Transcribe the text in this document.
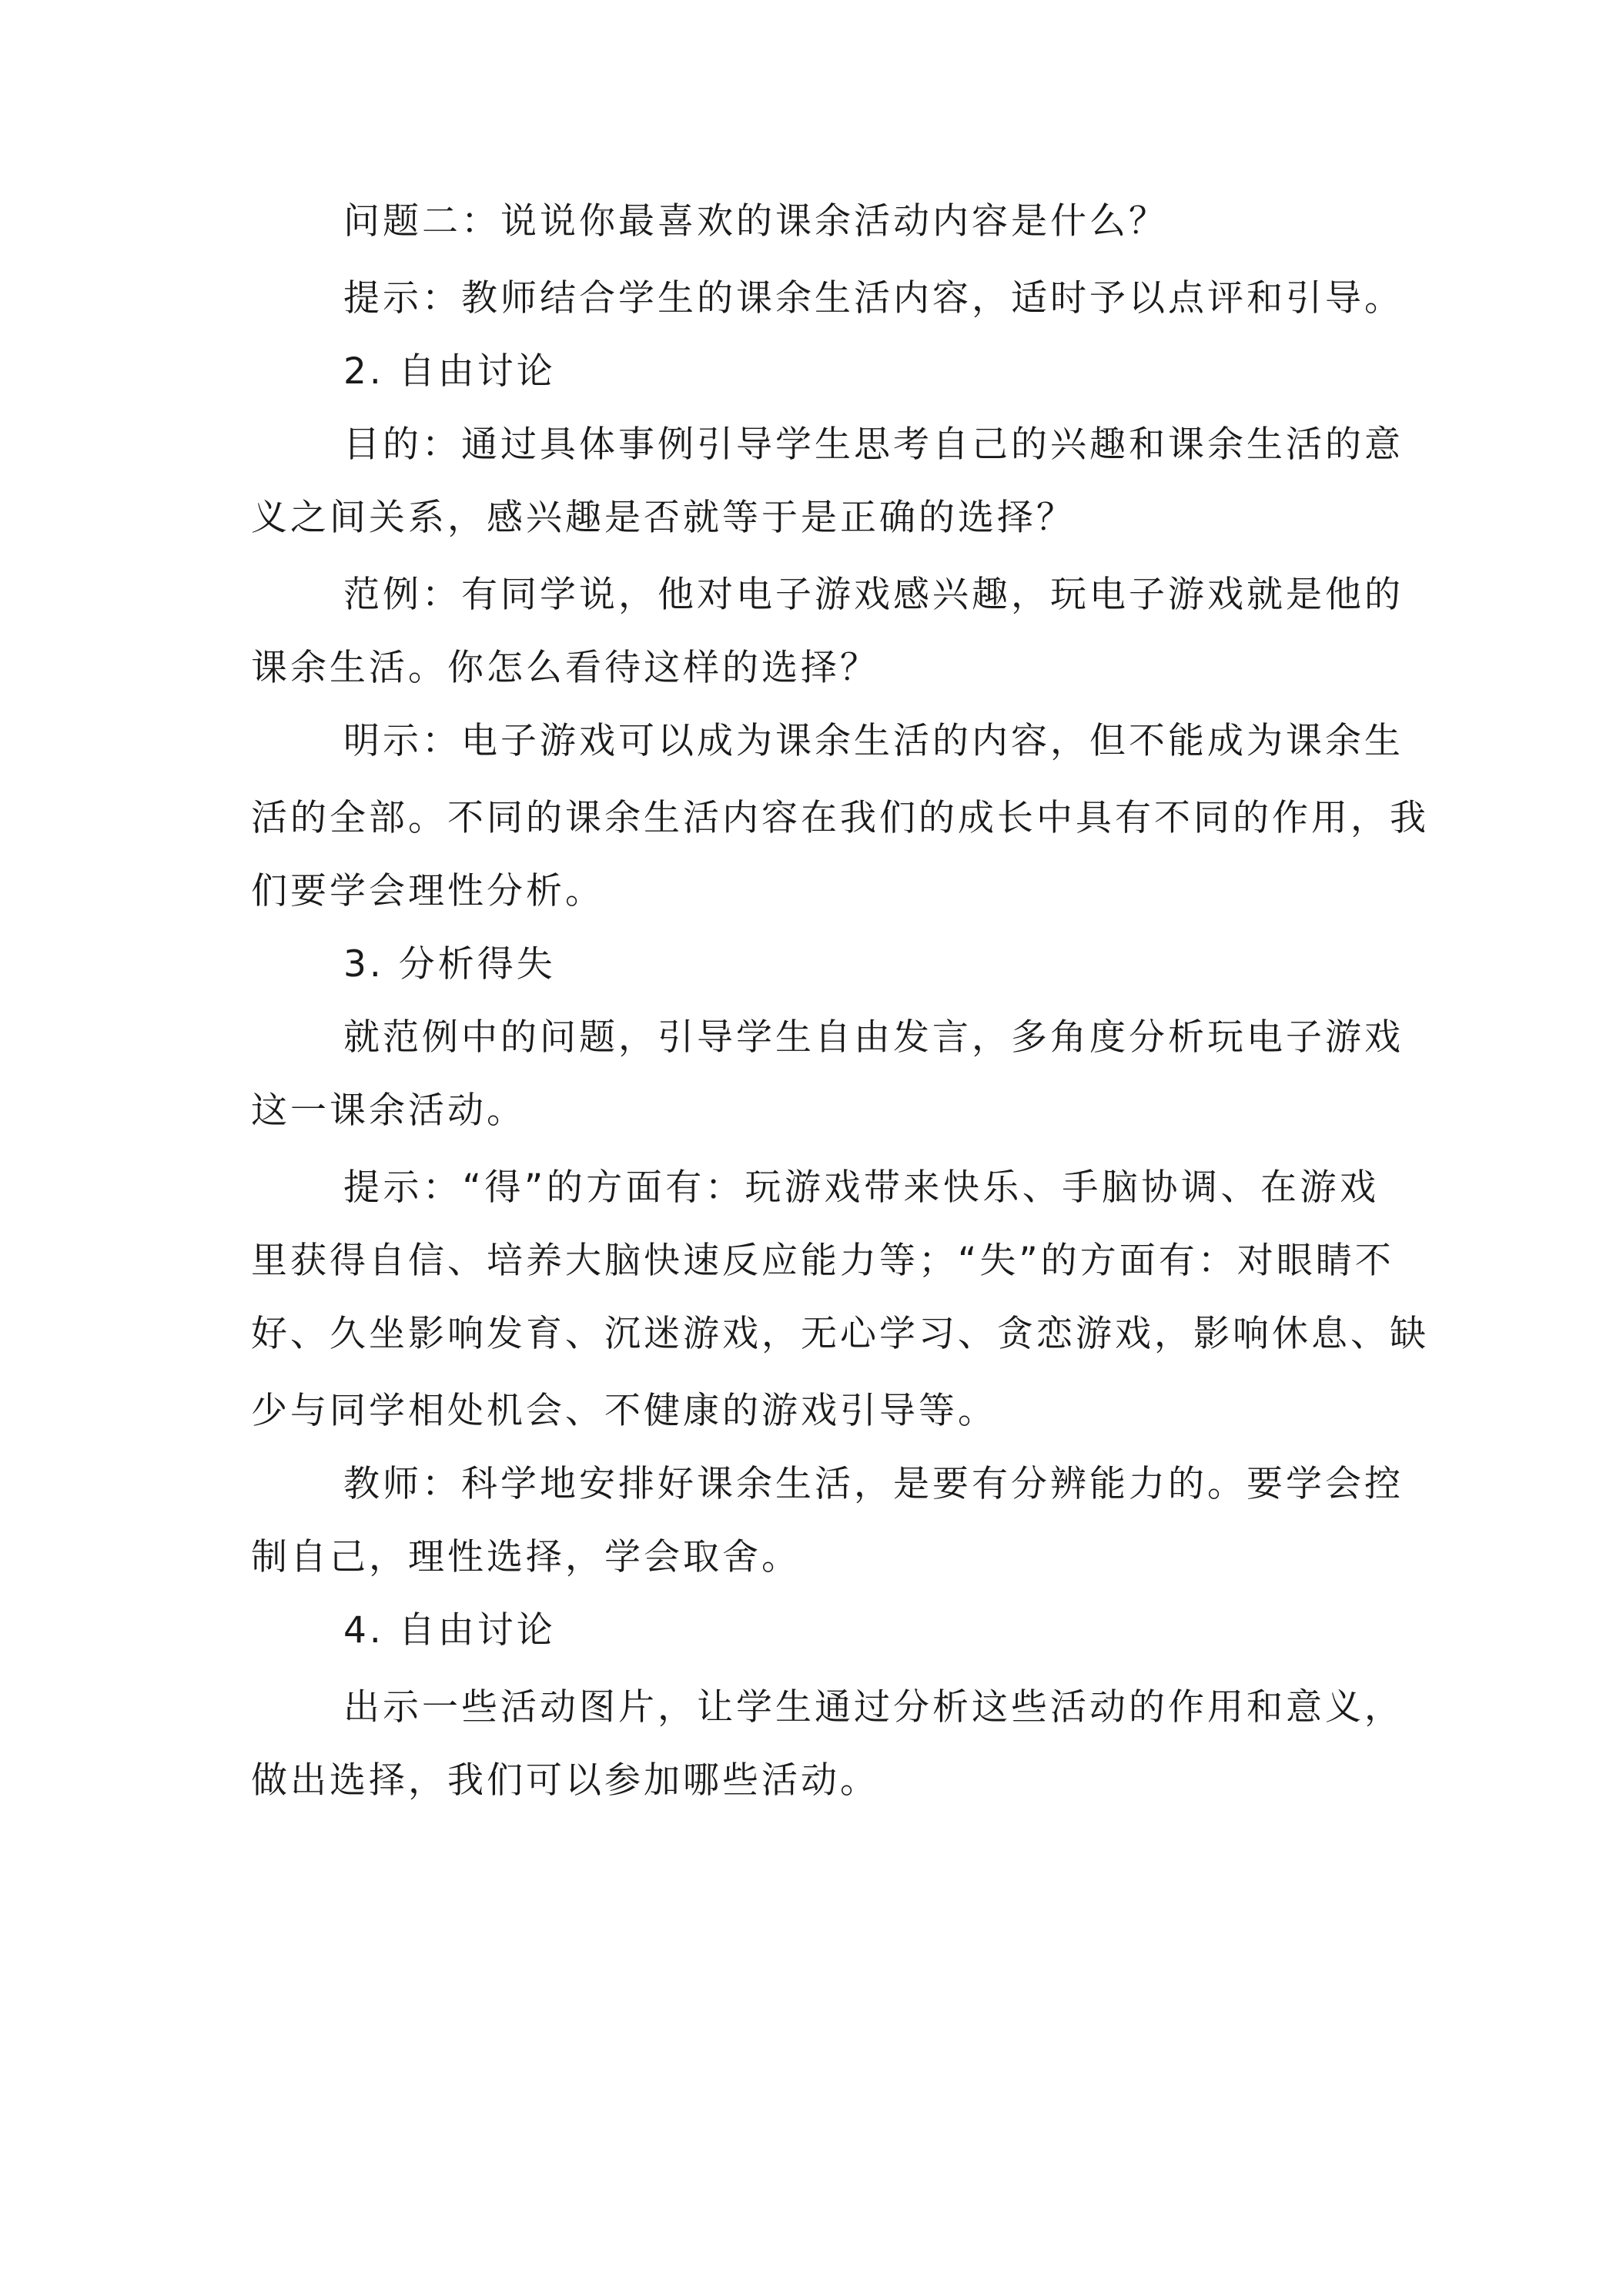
问题二：说说你最喜欢的课余活动内容是什么？
提示：教师结合学生的课余生活内容，适时予以点评和引导。
2. 自由讨论
目的：通过具体事例引导学生思考自己的兴趣和课余生活的意
义之间关系，感兴趣是否就等于是正确的选择？
范例：有同学说，他对电子游戏感兴趣，玩电子游戏就是他的
课余生活。你怎么看待这样的选择？
明示：电子游戏可以成为课余生活的内容，但不能成为课余生
活的全部。不同的课余生活内容在我们的成长中具有不同的作用，我
们要学会理性分析。
3. 分析得失
就范例中的问题，引导学生自由发言，多角度分析玩电子游戏
这一课余活动。
提示：“得”的方面有：玩游戏带来快乐、手脑协调、在游戏
里获得自信、培养大脑快速反应能力等；“失”的方面有：对眼睛不
好、久坐影响发育、沉迷游戏，无心学习、贪恋游戏，影响休息、缺
少与同学相处机会、不健康的游戏引导等。
教师：科学地安排好课余生活，是要有分辨能力的。要学会控
制自己，理性选择，学会取舍。
4. 自由讨论
出示一些活动图片，让学生通过分析这些活动的作用和意义，
做出选择，我们可以参加哪些活动。
